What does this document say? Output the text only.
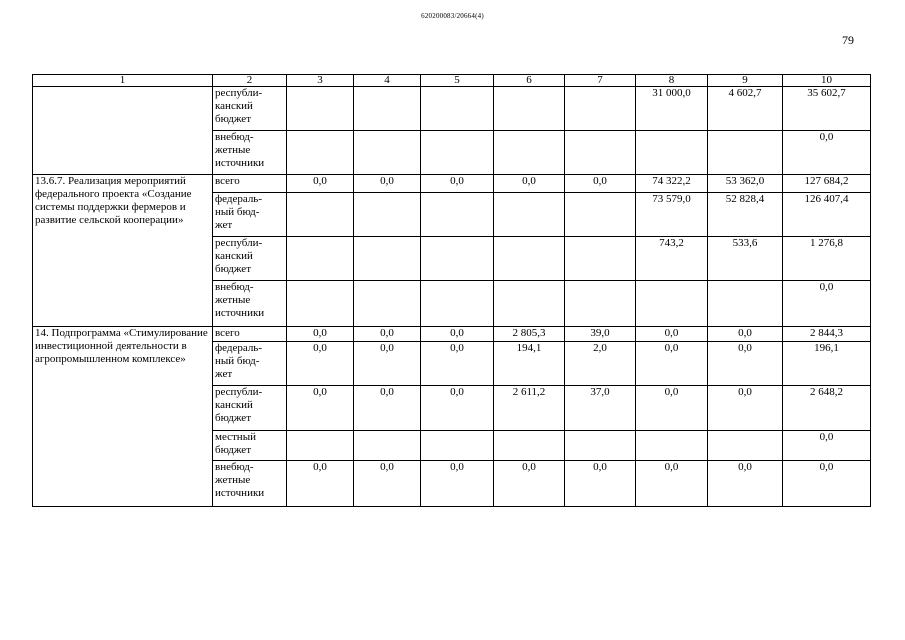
620200083/20664(4)
79
1	2	3	4	5	6	7	8	9	10
	республи-
канский
бюджет						31 000,0	4 602,7	35 602,7
	внебюд-
жетные
источники								0,0
13.6.7. Реализация мероприятий федерального проекта «Создание системы поддержки фермеров и развитие сельской кооперации»	всего	0,0	0,0	0,0	0,0	0,0	74 322,2	53 362,0	127 684,2
	федераль-
ный бюд-
жет						73 579,0	52 828,4	126 407,4
	республи-
канский
бюджет						743,2	533,6	1 276,8
	внебюд-
жетные
источники								0,0
14. Подпрограмма «Стимулирование инвестиционной деятельности в агропромышленном комплексе»	всего	0,0	0,0	0,0	2 805,3	39,0	0,0	0,0	2 844,3
	федераль-
ный бюд-
жет	0,0	0,0	0,0	194,1	2,0	0,0	0,0	196,1
	республи-
канский
бюджет	0,0	0,0	0,0	2 611,2	37,0	0,0	0,0	2 648,2
	местный
бюджет								0,0
	внебюд-
жетные
источники	0,0	0,0	0,0	0,0	0,0	0,0	0,0	0,0
